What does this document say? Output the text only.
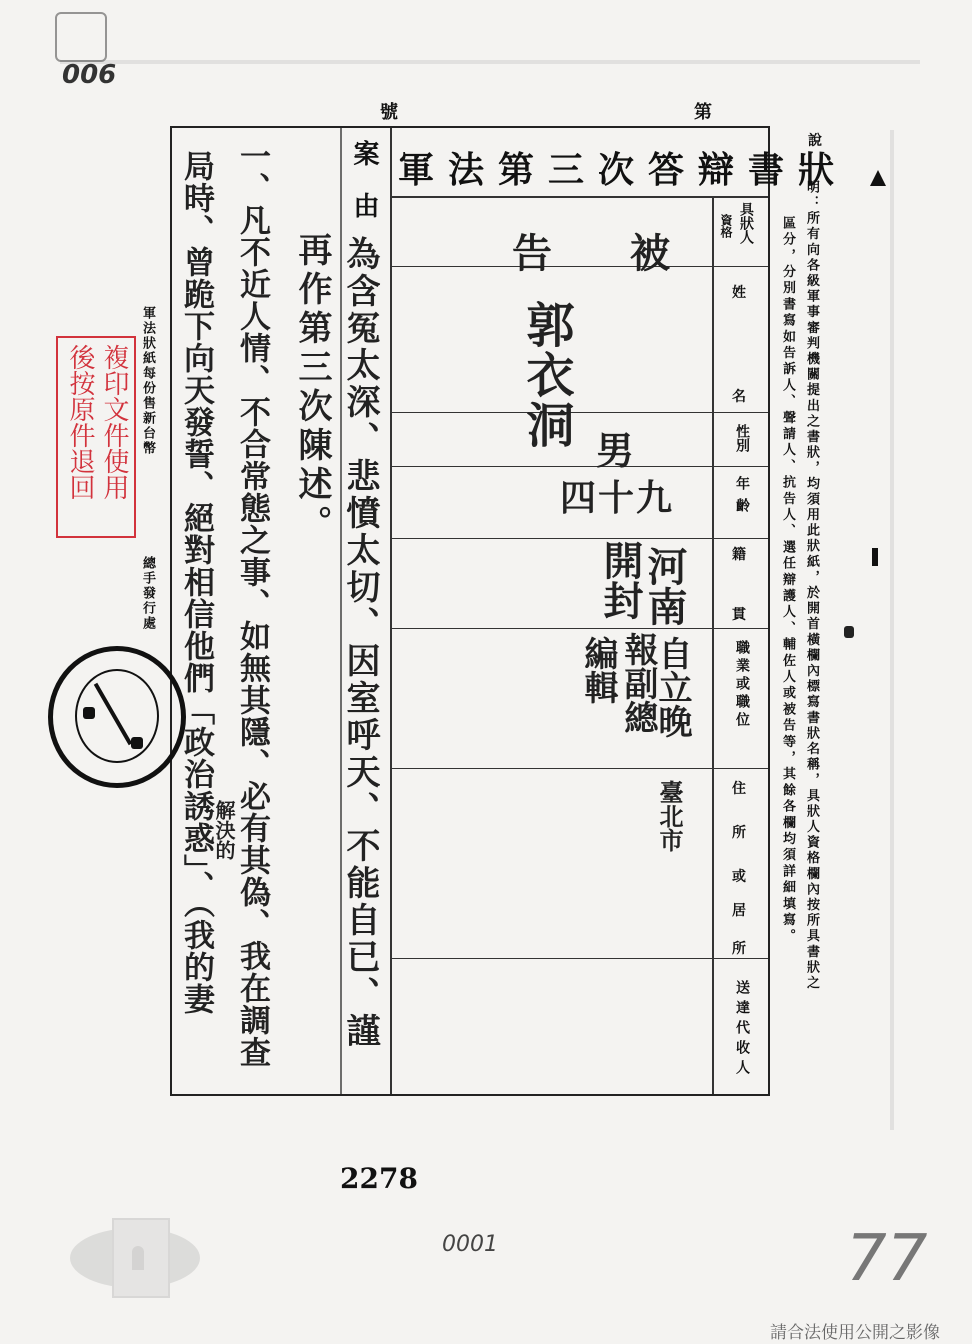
006
號	第
軍法第三次答辯書狀
具狀人
資格
姓
名
性別
年齡
籍
貫
職業或職位
住
所
或
居
所
送達代收人
被
告
郭衣洞
男
四十九
河南
開封
自立晚
報副總
編輯
臺北市
案由
為含冤太深、悲憤太切、因室呼天、不能自已、謹
再作第三次陳述。
一、凡不近人情、不合常態之事、如無其隱、必有其偽、我在調查
解決的
局時、曾跪下向天發誓、絕對相信他們「政治誘惑」、（我的妻
軍法狀紙每份售新台幣
總手發行處
複印文件使用
後按原件退回
說
明：所有向各級軍事審判機關提出之書狀，均須用此狀紙，於開首橫欄內標寫書狀名稱，具狀人資格欄內按所具書狀之
區分，分別書寫如告訴人、聲請人、抗告人、選任辯護人、輔佐人或被告等，其餘各欄均須詳細填寫。
2278
0001	77
請合法使用公開之影像
